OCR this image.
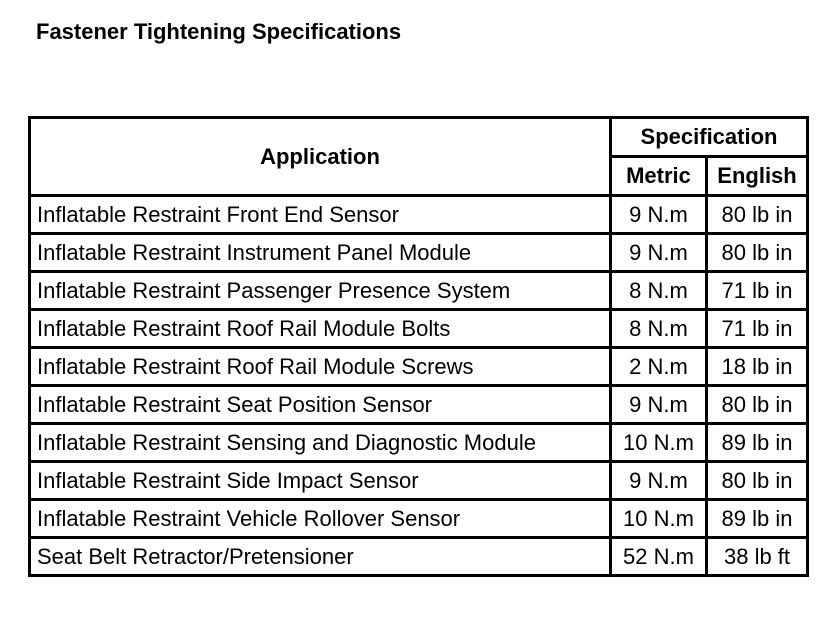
Fastener Tightening Specifications
Application	Specification	
	Metric	English
Inflatable Restraint Front End Sensor	9 N.m	80 lb in
Inflatable Restraint Instrument Panel Module	9 N.m	80 lb in
Inflatable Restraint Passenger Presence System	8 N.m	71 lb in
Inflatable Restraint Roof Rail Module Bolts	8 N.m	71 lb in
Inflatable Restraint Roof Rail Module Screws	2 N.m	18 lb in
Inflatable Restraint Seat Position Sensor	9 N.m	80 lb in
Inflatable Restraint Sensing and Diagnostic Module	10 N.m	89 lb in
Inflatable Restraint Side Impact Sensor	9 N.m	80 lb in
Inflatable Restraint Vehicle Rollover Sensor	10 N.m	89 lb in
Seat Belt Retractor/Pretensioner	52 N.m	38 lb ft
